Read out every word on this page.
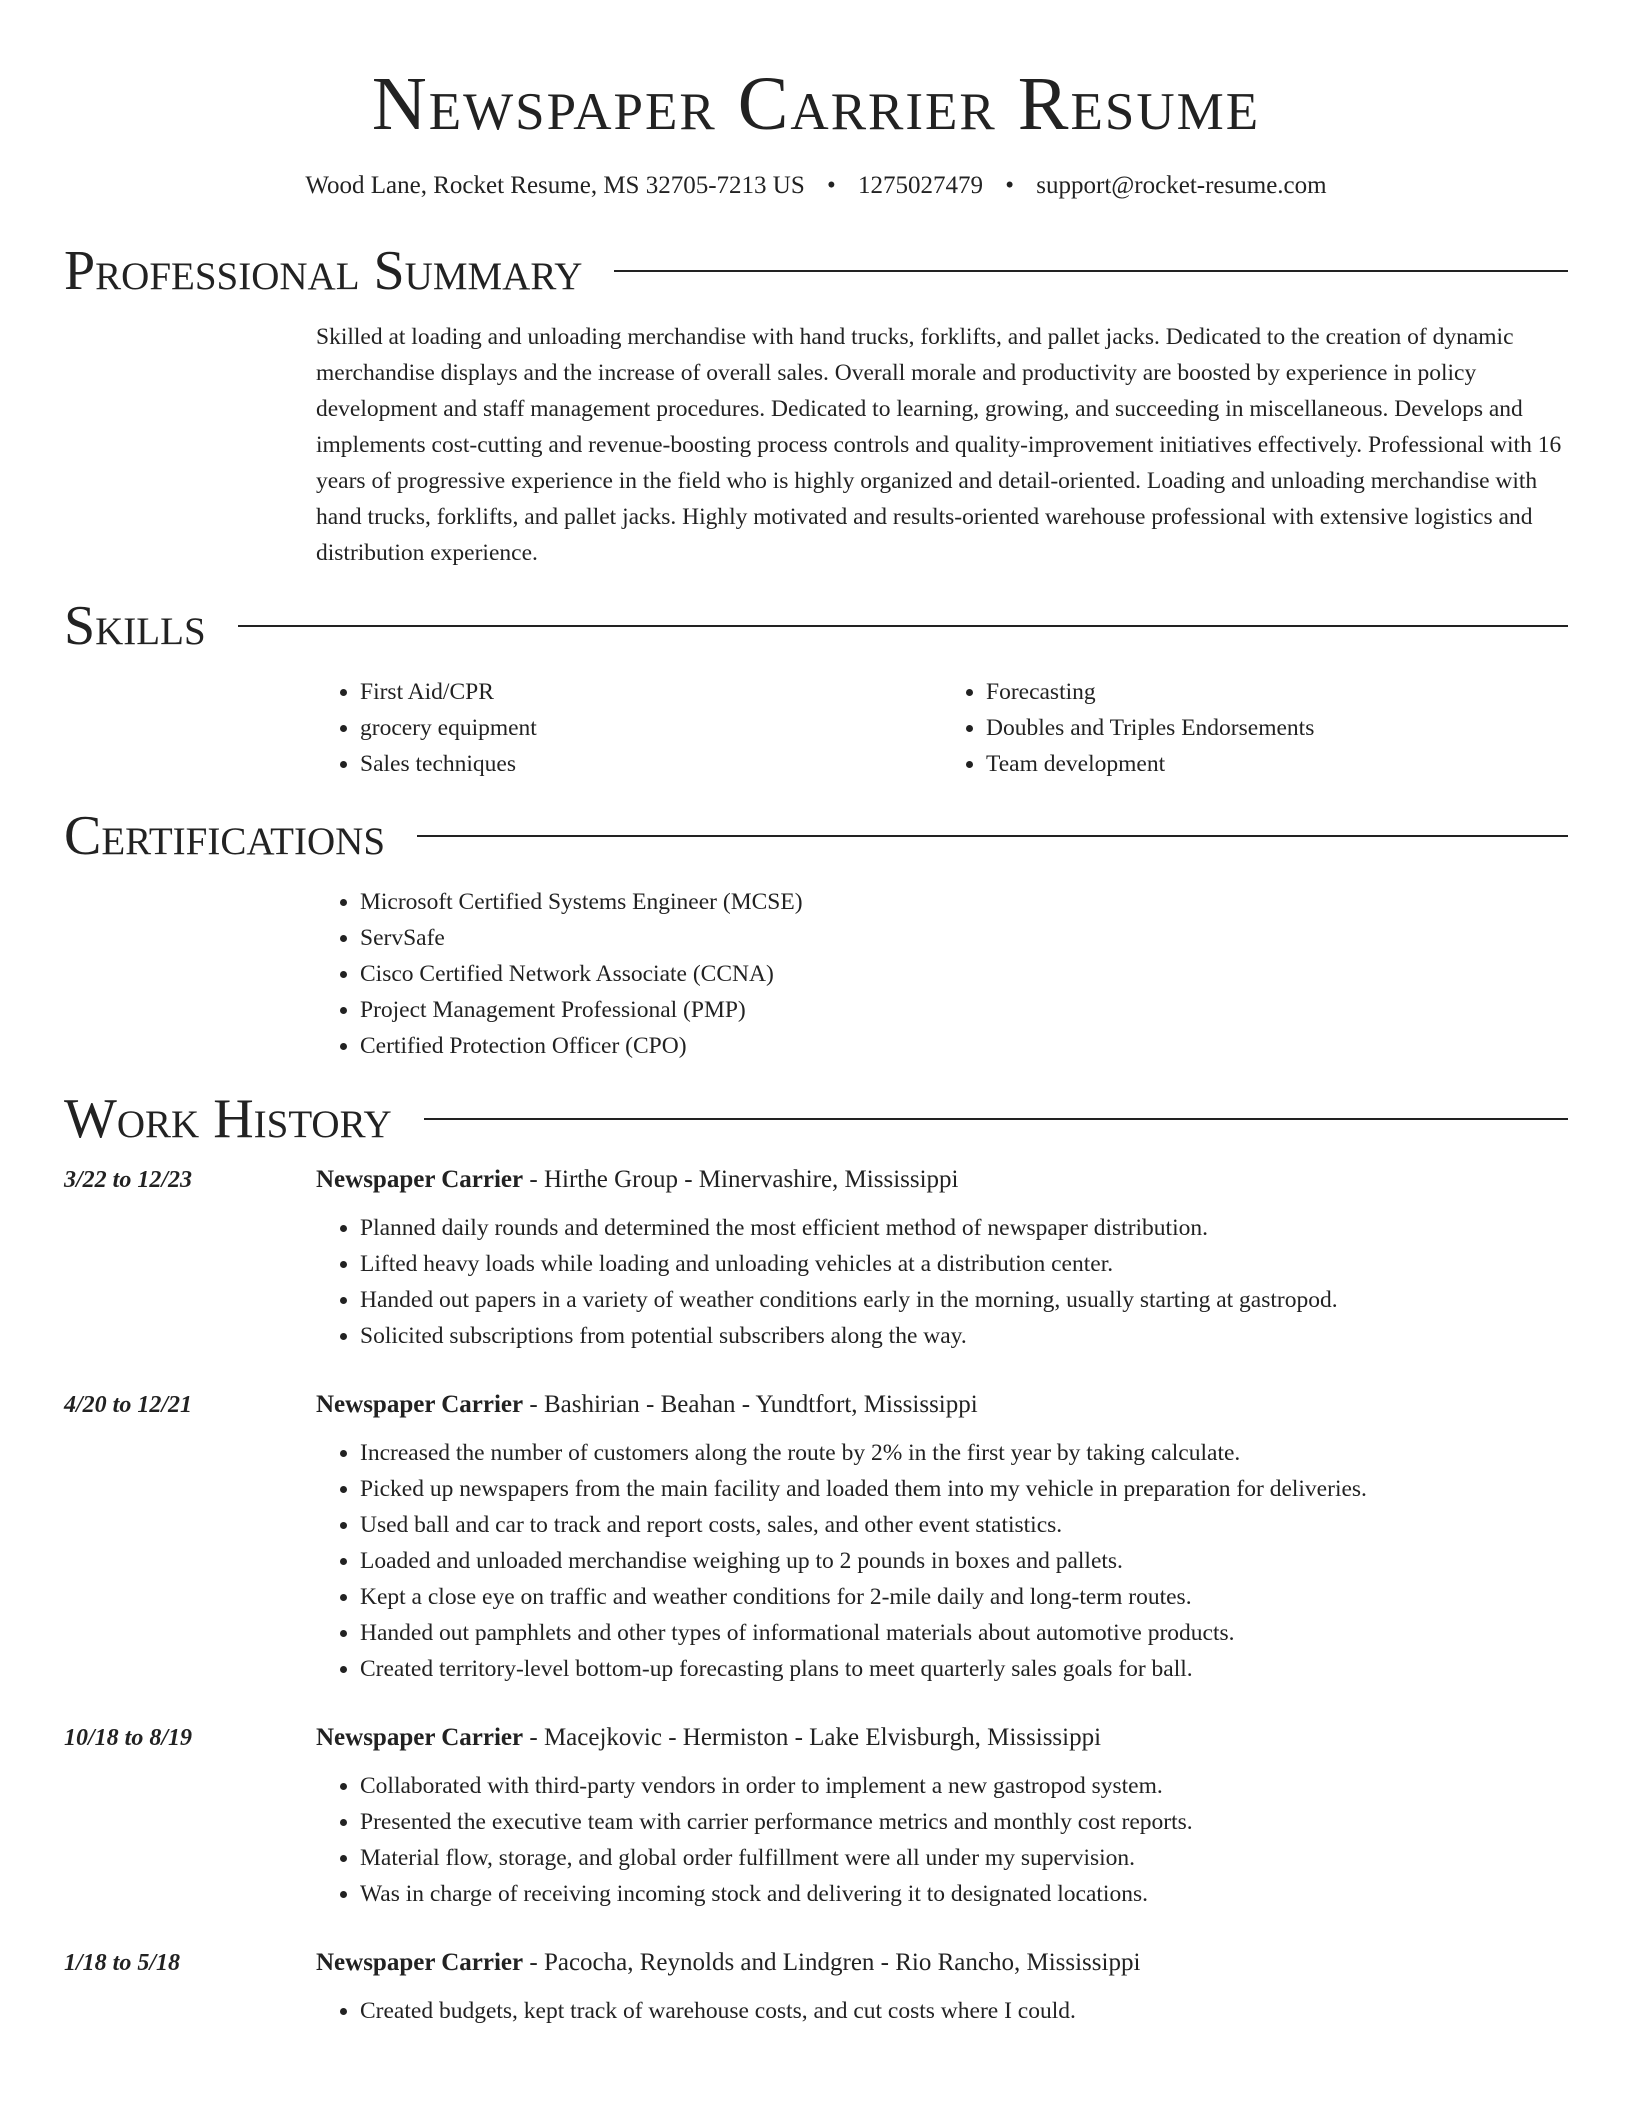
Newspaper Carrier Resume
Wood Lane, Rocket Resume, MS 32705-7213 US • 1275027479 • support@rocket-resume.com
Professional Summary

Skilled at loading and unloading merchandise with hand trucks, forklifts, and pallet jacks. Dedicated to the creation of dynamic merchandise displays and the increase of overall sales. Overall morale and productivity are boosted by experience in policy development and staff management procedures. Dedicated to learning, growing, and succeeding in miscellaneous. Develops and implements cost-cutting and revenue-boosting process controls and quality-improvement initiatives effectively. Professional with 16 years of progressive experience in the field who is highly organized and detail-oriented. Loading and unloading merchandise with hand trucks, forklifts, and pallet jacks. Highly motivated and results-oriented warehouse professional with extensive logistics and distribution experience.

Skills
• First Aid/CPR
• grocery equipment
• Sales techniques
• Forecasting
• Doubles and Triples Endorsements
• Team development
Certifications
• Microsoft Certified Systems Engineer (MCSE)
• ServSafe
• Cisco Certified Network Associate (CCNA)
• Project Management Professional (PMP)
• Certified Protection Officer (CPO)
Work History
3/22 to 12/23	Newspaper Carrier - Hirthe Group - Minervashire, Mississippi
• Planned daily rounds and determined the most efficient method of newspaper distribution.
• Lifted heavy loads while loading and unloading vehicles at a distribution center.
• Handed out papers in a variety of weather conditions early in the morning, usually starting at gastropod.
• Solicited subscriptions from potential subscribers along the way.
4/20 to 12/21	Newspaper Carrier - Bashirian - Beahan - Yundtfort, Mississippi
• Increased the number of customers along the route by 2% in the first year by taking calculate.
• Picked up newspapers from the main facility and loaded them into my vehicle in preparation for deliveries.
• Used ball and car to track and report costs, sales, and other event statistics.
• Loaded and unloaded merchandise weighing up to 2 pounds in boxes and pallets.
• Kept a close eye on traffic and weather conditions for 2-mile daily and long-term routes.
• Handed out pamphlets and other types of informational materials about automotive products.
• Created territory-level bottom-up forecasting plans to meet quarterly sales goals for ball.
10/18 to 8/19	Newspaper Carrier - Macejkovic - Hermiston - Lake Elvisburgh, Mississippi
• Collaborated with third-party vendors in order to implement a new gastropod system.
• Presented the executive team with carrier performance metrics and monthly cost reports.
• Material flow, storage, and global order fulfillment were all under my supervision.
• Was in charge of receiving incoming stock and delivering it to designated locations.
1/18 to 5/18	Newspaper Carrier - Pacocha, Reynolds and Lindgren - Rio Rancho, Mississippi
• Created budgets, kept track of warehouse costs, and cut costs where I could.
